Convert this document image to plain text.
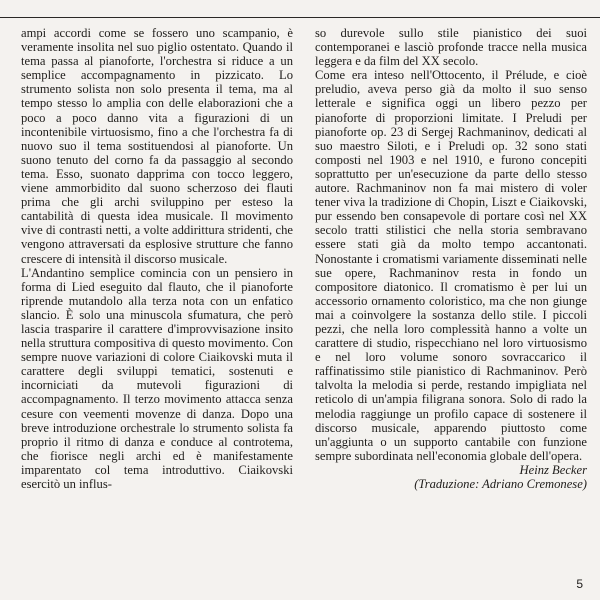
ampi accordi come se fossero uno scampanio, è veramente insolita nel suo piglio ostentato. Quando il tema passa al pianoforte, l'orchestra si riduce a un semplice accompagnamento in pizzicato. Lo strumento solista non solo presenta il tema, ma al tempo stesso lo amplia con delle elaborazioni che a poco a poco danno vita a figurazioni di un incontenibile virtuosismo, fino a che l'orchestra fa di nuovo suo il tema sostituendosi al pianoforte. Un suono tenuto del corno fa da passaggio al secondo tema. Esso, suonato dapprima con tocco leggero, viene ammorbidito dal suono scherzoso dei flauti prima che gli archi sviluppino per esteso la cantabilità di questa idea musicale. Il movimento vive di contrasti netti, a volte addirittura stridenti, che vengono attraversati da esplosive strutture che fanno crescere di intensità il discorso musicale.

L'Andantino semplice comincia con un pensiero in forma di Lied eseguito dal flauto, che il pianoforte riprende mutandolo alla terza nota con un enfatico slancio. È solo una minuscola sfumatura, che però lascia trasparire il carattere d'improvvisazione insito nella struttura compositiva di questo movimento. Con sempre nuove variazioni di colore Ciaikovski muta il carattere degli sviluppi tematici, sostenuti e incorniciati da mutevoli figurazioni di accompagnamento. Il terzo movimento attacca senza cesure con veementi movenze di danza. Dopo una breve introduzione orchestrale lo strumento solista fa proprio il ritmo di danza e conduce al controtema, che fiorisce negli archi ed è manifestamente imparentato col tema introduttivo. Ciaikovski esercitò un influs-

so durevole sullo stile pianistico dei suoi contemporanei e lasciò profonde tracce nella musica leggera e da film del XX secolo.

Come era inteso nell'Ottocento, il Prélude, e cioè preludio, aveva perso già da molto il suo senso letterale e significa oggi un libero pezzo per pianoforte di proporzioni limitate. I Preludi per pianoforte op. 23 di Sergej Rachmaninov, dedicati al suo maestro Siloti, e i Preludi op. 32 sono stati composti nel 1903 e nel 1910, e furono concepiti soprattutto per un'esecuzione da parte dello stesso autore. Rachmaninov non fa mai mistero di voler tener viva la tradizione di Chopin, Liszt e Ciaikovski, pur essendo ben consapevole di portare così nel XX secolo tratti stilistici che nella storia sembravano essere stati già da molto tempo accantonati. Nonostante i cromatismi variamente disseminati nelle sue opere, Rachmaninov resta in fondo un compositore diatonico. Il cromatismo è per lui un accessorio ornamento coloristico, ma che non giunge mai a coinvolgere la sostanza dello stile. I piccoli pezzi, che nella loro complessità hanno a volte un carattere di studio, rispecchiano nel loro virtuosismo e nel loro volume sonoro sovraccarico il raffinatissimo stile pianistico di Rachmaninov. Però talvolta la melodia si perde, restando impigliata nel reticolo di un'ampia filigrana sonora. Solo di rado la melodia raggiunge un profilo capace di sostenere il discorso musicale, apparendo piuttosto come un'aggiunta o un supporto cantabile con funzione sempre subordinata nell'economia globale dell'opera.

Heinz Becker

(Traduzione: Adriano Cremonese)

5
